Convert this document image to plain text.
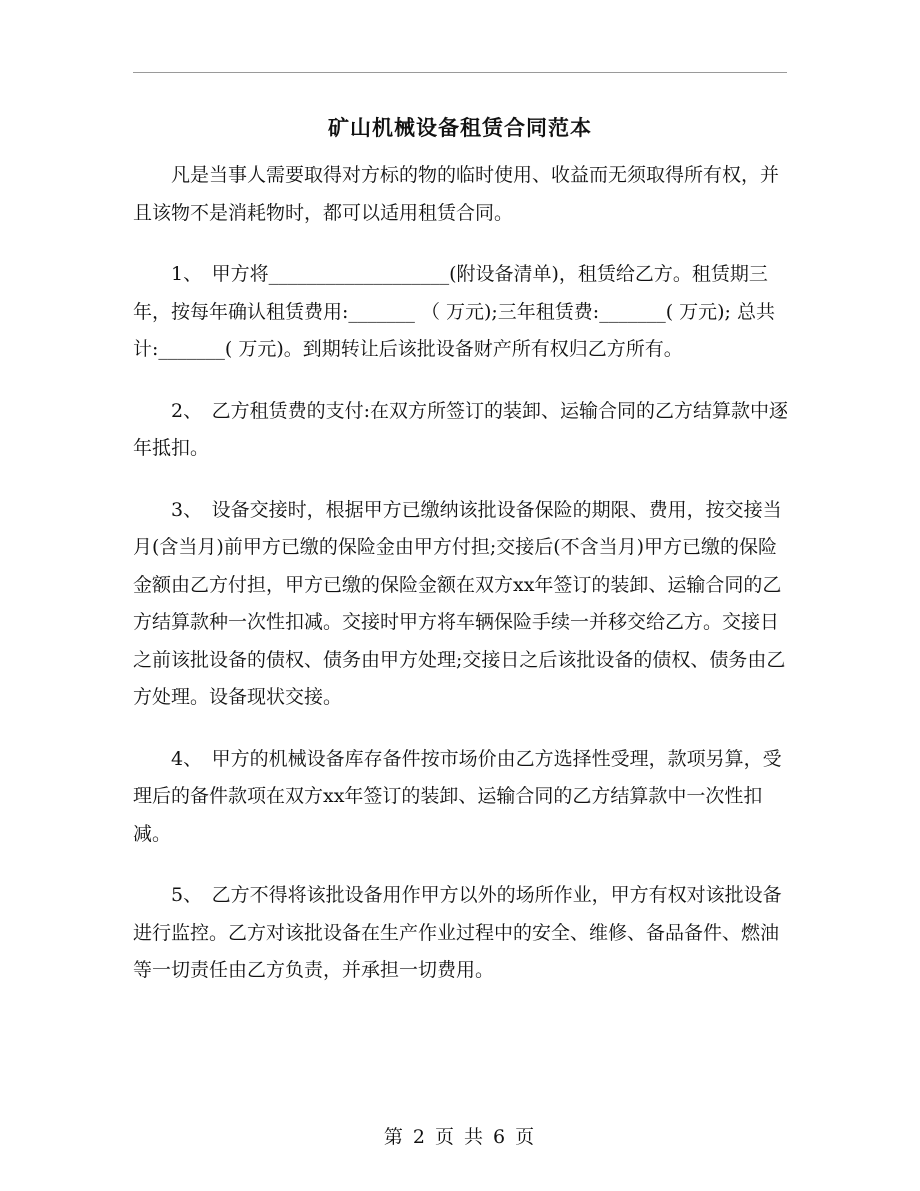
矿山机械设备租赁合同范本

凡是当事人需要取得对方标的物的临时使用、收益而无须取得所有权，并且该物不是消耗物时，都可以适用租赁合同。

1、　甲方将___________________(附设备清单)，租赁给乙方。租赁期三年，按每年确认租赁费用:_______ （ 万元);三年租赁费:_______( 万元); 总共计:_______( 万元)。到期转让后该批设备财产所有权归乙方所有。

2、　乙方租赁费的支付:在双方所签订的装卸、运输合同的乙方结算款中逐年抵扣。

3、　设备交接时，根据甲方已缴纳该批设备保险的期限、费用，按交接当月(含当月)前甲方已缴的保险金由甲方付担;交接后(不含当月)甲方已缴的保险金额由乙方付担，甲方已缴的保险金额在双方xx年签订的装卸、运输合同的乙方结算款种一次性扣减。交接时甲方将车辆保险手续一并移交给乙方。交接日之前该批设备的债权、债务由甲方处理;交接日之后该批设备的债权、债务由乙方处理。设备现状交接。

4、　甲方的机械设备库存备件按市场价由乙方选择性受理，款项另算，受理后的备件款项在双方xx年签订的装卸、运输合同的乙方结算款中一次性扣减。

5、　乙方不得将该批设备用作甲方以外的场所作业，甲方有权对该批设备进行监控。乙方对该批设备在生产作业过程中的安全、维修、备品备件、燃油等一切责任由乙方负责，并承担一切费用。

第 2 页 共 6 页
